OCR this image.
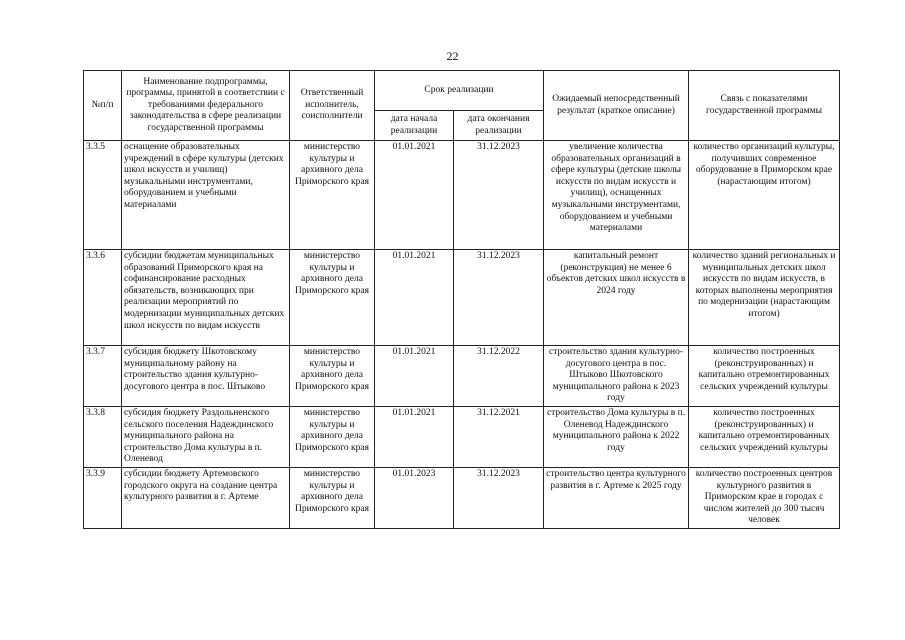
22
№п/п	Наименование подпрограммы, программы, принятой в соответствии с требованиями федерального законодательства в сфере реализации государственной программы	Ответственный исполнитель, соисполнители	Срок реализации		Ожидаемый непосредственный результат (краткое описание)	Связь с показателями государственной программы
			дата начала реализации	дата окончания реализации		
3.3.5	оснащение образовательных учреждений в сфере культуры (детских школ искусств и училищ) музыкальными инструментами, оборудованием и учебными материалами	министерство культуры и архивного дела Приморского края	01.01.2021	31.12.2023	увеличение количества образовательных организаций в сфере культуры (детские школы искусств по видам искусств и училищ), оснащенных музыкальными инструментами, оборудованием и учебными материалами	количество организаций культуры, получивших современное оборудование в Приморском крае (нарастающим итогом)
3.3.6	субсидии бюджетам муниципальных образований Приморского края на софинансирование расходных обязательств, возникающих при реализации мероприятий по модернизации муниципальных детских школ искусств по видам искусств	министерство культуры и архивного дела Приморского края	01.01.2021	31.12.2023	капитальный ремонт (реконструкция) не менее 6 объектов детских школ искусств в 2024 году	количество зданий региональных и муниципальных детских школ искусств по видам искусств, в которых выполнены мероприятия по модернизации (нарастающим итогом)
3.3.7	субсидия бюджету Шкотовскому муниципальному району на строительство здания культурно-досугового центра в пос. Штыково	министерство культуры и архивного дела Приморского края	01.01.2021	31.12.2022	строительство здания культурно-досугового центра в пос. Штыково Шкотовского муниципального района к 2023 году	количество построенных (реконструированных) и капитально отремонтированных сельских учреждений культуры
3.3.8	субсидия бюджету Раздольненского сельского поселения Надеждинского муниципального района на строительство Дома культуры в п. Оленевод	министерство культуры и архивного дела Приморского края	01.01.2021	31.12.2021	строительство Дома культуры в п. Оленевод Надеждинского муниципального района к 2022 году	количество построенных (реконструированных) и капитально отремонтированных сельских учреждений культуры
3.3.9	субсидии бюджету Артемовского городского округа на создание центра культурного развития в г. Артеме	министерство культуры и архивного дела Приморского края	01.01.2023	31.12.2023	строительство центра культурного развития в г. Артеме к 2025 году	количество построенных центров культурного развития в Приморском крае в городах с числом жителей до 300 тысяч человек
